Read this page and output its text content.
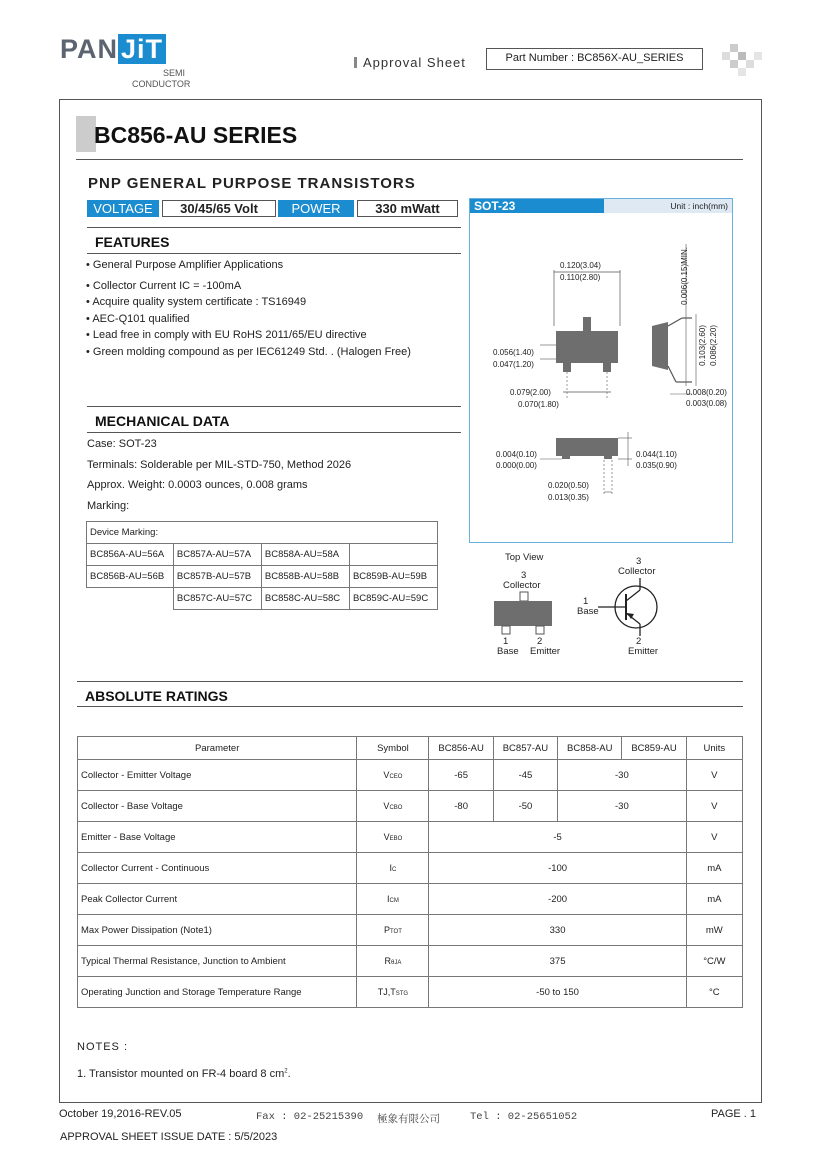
PAN JiT
SEMI
CONDUCTOR
Approval Sheet	Part Number : BC856X-AU_SERIES
BC856-AU SERIES
PNP GENERAL PURPOSE TRANSISTORS
VOLTAGE	30/45/65 Volt	POWER	330 mWatt
FEATURES
• General Purpose Amplifier Applications
• Collector Current IC = -100mA
• Acquire quality system certificate : TS16949
• AEC-Q101 qualified
• Lead free in comply with EU RoHS 2011/65/EU directive
• Green molding compound as per IEC61249 Std. . (Halogen Free)
MECHANICAL DATA
Case: SOT-23
Terminals: Solderable per MIL-STD-750, Method 2026
Approx. Weight: 0.0003 ounces, 0.008 grams
Marking:
Device Marking:			
BC856A-AU=56A	BC857A-AU=57A	BC858A-AU=58A	
BC856B-AU=56B	BC857B-AU=57B	BC858B-AU=58B	BC859B-AU=59B
	BC857C-AU=57C	BC858C-AU=58C	BC859C-AU=59C
SOT-23	Unit : inch(mm)
0.120(3.04)
0.110(2.80)
0.056(1.40)
0.047(1.20)
0.079(2.00)
0.070(1.80)
0.006(0.15)MIN.
0.103(2.60) 0.086(2.20)
0.008(0.20)
0.003(0.08)
0.004(0.10)
0.000(0.00)
0.044(1.10)
0.035(0.90)
0.020(0.50)
0.013(0.35)
Top View
3
Collector
1	2
Base Emitter
3
Collector
1
Base
2
Emitter
ABSOLUTE RATINGS
Parameter	Symbol	BC856-AU	BC857-AU	BC858-AU	BC859-AU	Units
Collector - Emitter Voltage	VCEO	-65	-45	-30		V
Collector - Base Voltage	VCBO	-80	-50	-30		V
Emitter - Base Voltage	VEBO	-5				V
Collector Current - Continuous	IC	-100				mA
Peak Collector Current	ICM	-200				mA
Max Power Dissipation (Note1)	PTOT	330				mW
Typical Thermal Resistance, Junction to Ambient	RθJA	375				°C/W
Operating Junction and Storage Temperature Range	TJ,TSTG	-50 to 150				°C
NOTES :
1. Transistor mounted on FR-4 board 8 $cm^2$.
October 19,2016-REV.05	Fax : 02-25215390 極象有限公司	Tel : 02-25651052	PAGE . 1
APPROVAL SHEET ISSUE DATE : 5/5/2023
